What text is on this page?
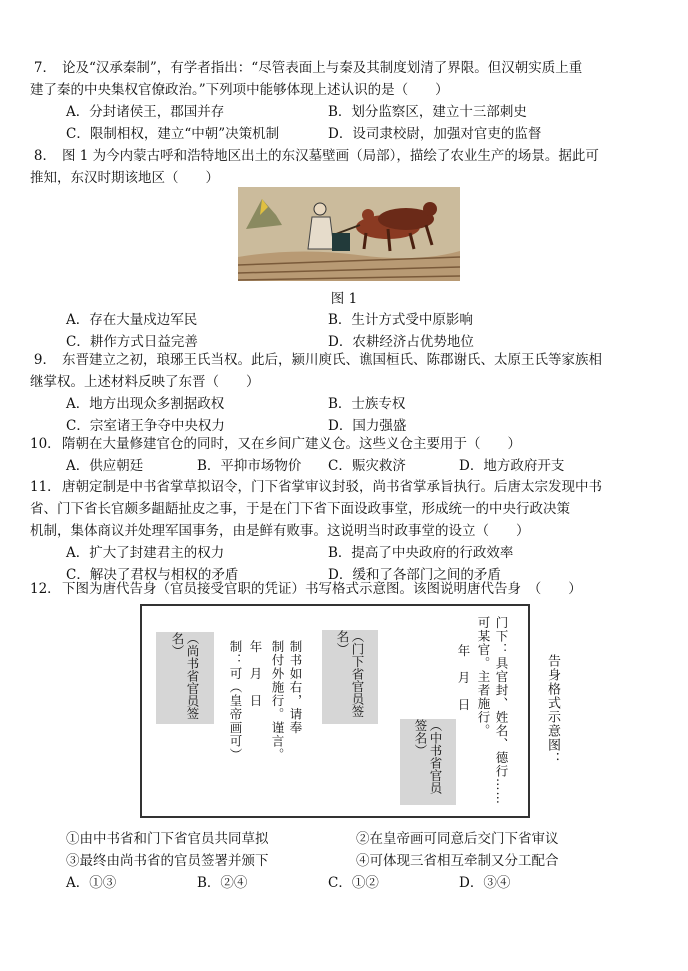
7． 论及“汉承秦制”，有学者指出：“尽管表面上与秦及其制度划清了界限。但汉朝实质上重
建了秦的中央集权官僚政治。”下列项中能够体现上述认识的是（　　）
A．分封诸侯王，郡国并存	B．划分监察区，建立十三部刺史
C．限制相权，建立“中朝”决策机制	D．设司隶校尉，加强对官吏的监督
8． 图 1 为今内蒙古呼和浩特地区出土的东汉墓壁画（局部），描绘了农业生产的场景。据此可
推知，东汉时期该地区（　　）
图 1
A．存在大量戍边军民	B．生计方式受中原影响
C．耕作方式日益完善	D．农耕经济占优势地位
9． 东晋建立之初，琅琊王氏当权。此后，颍川庾氏、谯国桓氏、陈郡谢氏、太原王氏等家族相
继掌权。上述材料反映了东晋（　　）
A．地方出现众多割据政权	B．士族专权
C．宗室诸王争夺中央权力	D．国力强盛
10．隋朝在大量修建官仓的同时，又在乡间广建义仓。这些义仓主要用于（　　）
A．供应朝廷	B．平抑市场物价	C．赈灾救济	D．地方政府开支
11．唐朝定制是中书省掌草拟诏令，门下省掌审议封驳，尚书省掌承旨执行。后唐太宗发现中书
省、门下省长官颇多龃龉扯皮之事，于是在门下省下面设政事堂，形成统一的中央行政决策
机制，集体商议并处理军国事务，由是鲜有败事。这说明当时政事堂的设立（　　）
A．扩大了封建君主的权力	B．提高了中央政府的行政效率
C．解决了君权与相权的矛盾	D．缓和了各部门之间的矛盾
12．下图为唐代告身（官员接受官职的凭证）书写格式示意图。该图说明唐代告身　（　　）
门下：具官封、姓名、德行……
可某官。主者施行。
年　月　日
（中书省官员签名）
（门下省官员签名）
制书如右，请奉
制付外施行。谨言。
年　月　日
制：可（皇帝画可）
（尚书省官员签名）
告身格式示意图：
①由中书省和门下省官员共同草拟	②在皇帝画可同意后交门下省审议
③最终由尚书省的官员签署并颁下	④可体现三省相互牵制又分工配合
A．①③	B．②④	C．①②	D．③④
